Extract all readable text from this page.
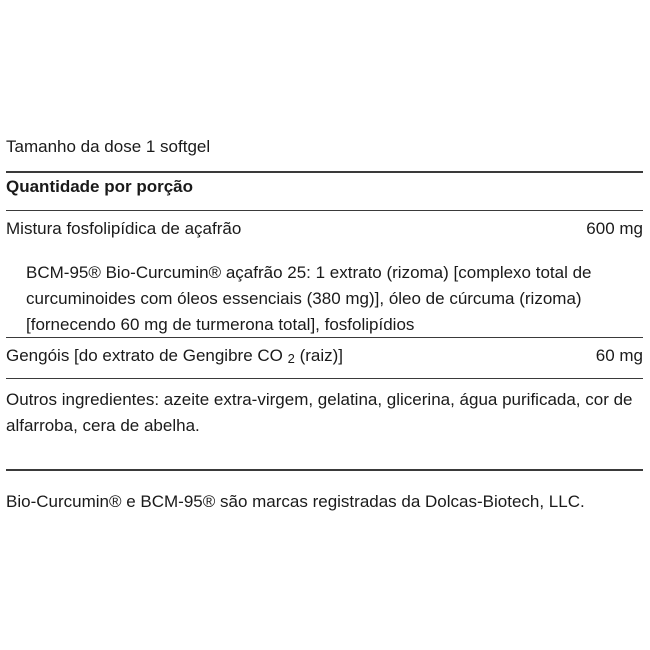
Tamanho da dose 1 softgel
Quantidade por porção
Mistura fosfolipídica de açafrão	600 mg
BCM-95® Bio-Curcumin® açafrão 25: 1 extrato (rizoma) [complexo total de curcuminoides com óleos essenciais (380 mg)], óleo de cúrcuma (rizoma) [fornecendo 60 mg de turmerona total], fosfolipídios
Gengóis [do extrato de Gengibre CO $_2$ (raiz)]	60 mg
Outros ingredientes: azeite extra-virgem, gelatina, glicerina, água purificada, cor de alfarroba, cera de abelha.
Bio-Curcumin® e BCM-95® são marcas registradas da Dolcas-Biotech, LLC.
